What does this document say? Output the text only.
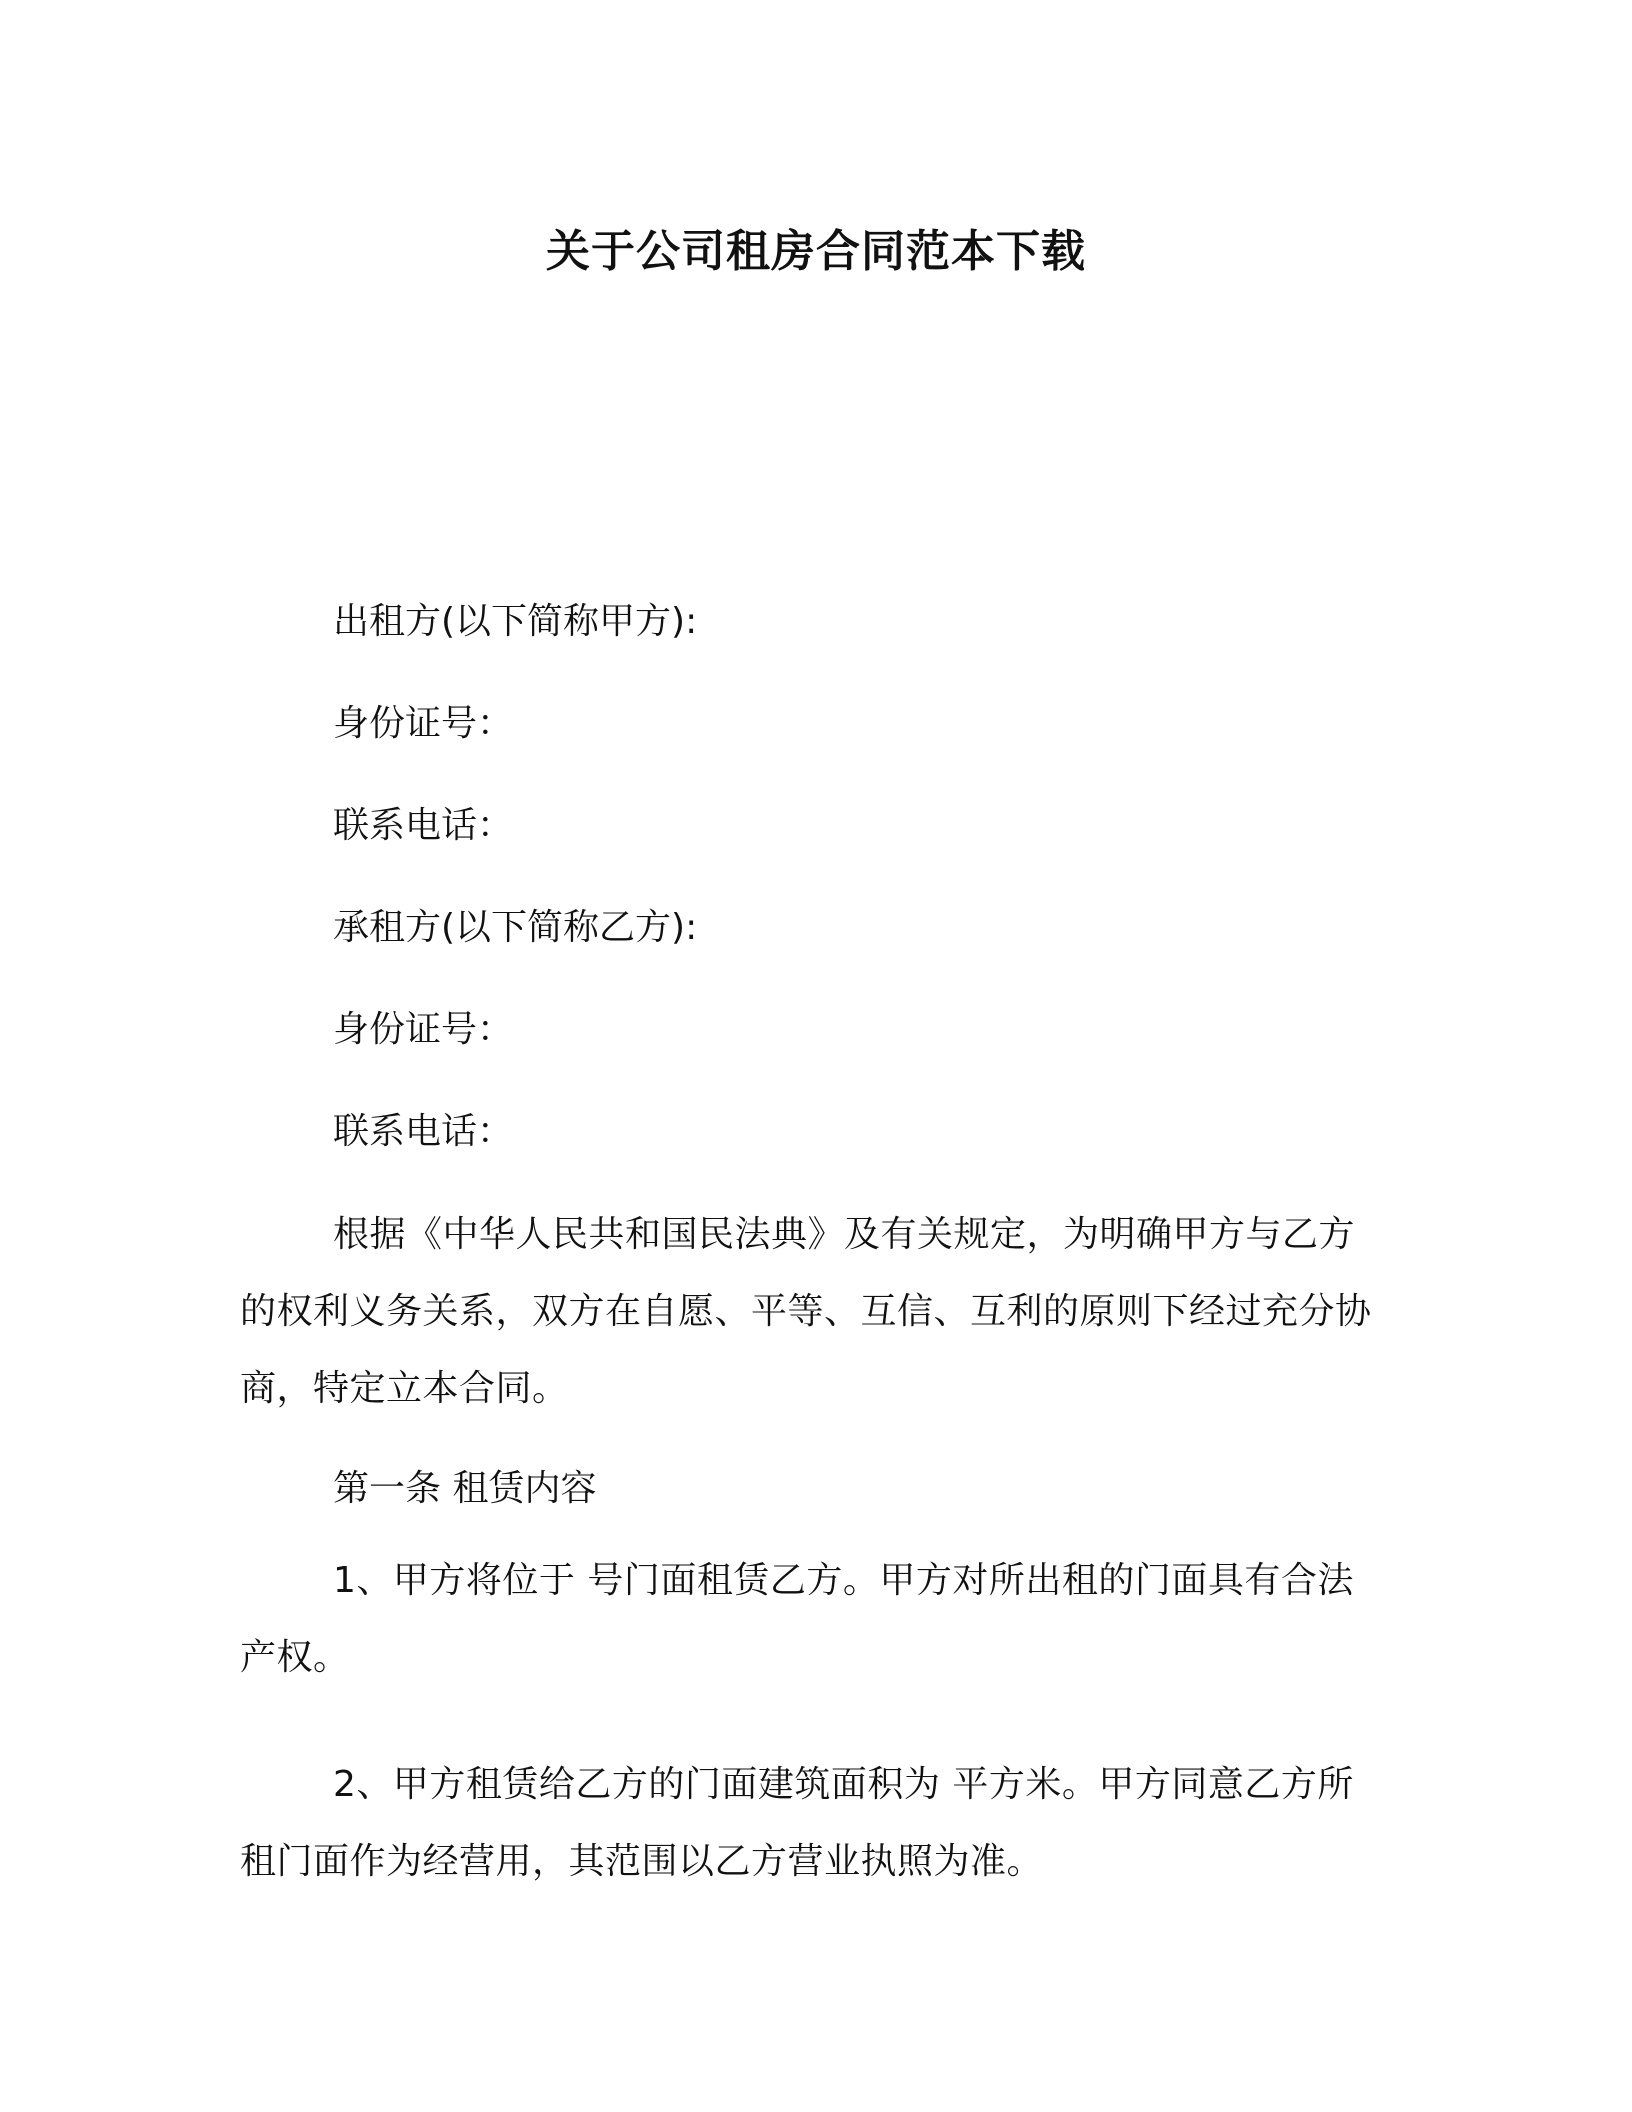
关于公司租房合同范本下载

出租方(以下简称甲方):

身份证号：

联系电话：

承租方(以下简称乙方):

身份证号：

联系电话：

根据《中华人民共和国民法典》及有关规定，为明确甲方与乙方的权利义务关系，双方在自愿、平等、互信、互利的原则下经过充分协商，特定立本合同。

第一条 租赁内容

1、甲方将位于 号门面租赁乙方。甲方对所出租的门面具有合法产权。

2、甲方租赁给乙方的门面建筑面积为 平方米。甲方同意乙方所租门面作为经营用，其范围以乙方营业执照为准。
